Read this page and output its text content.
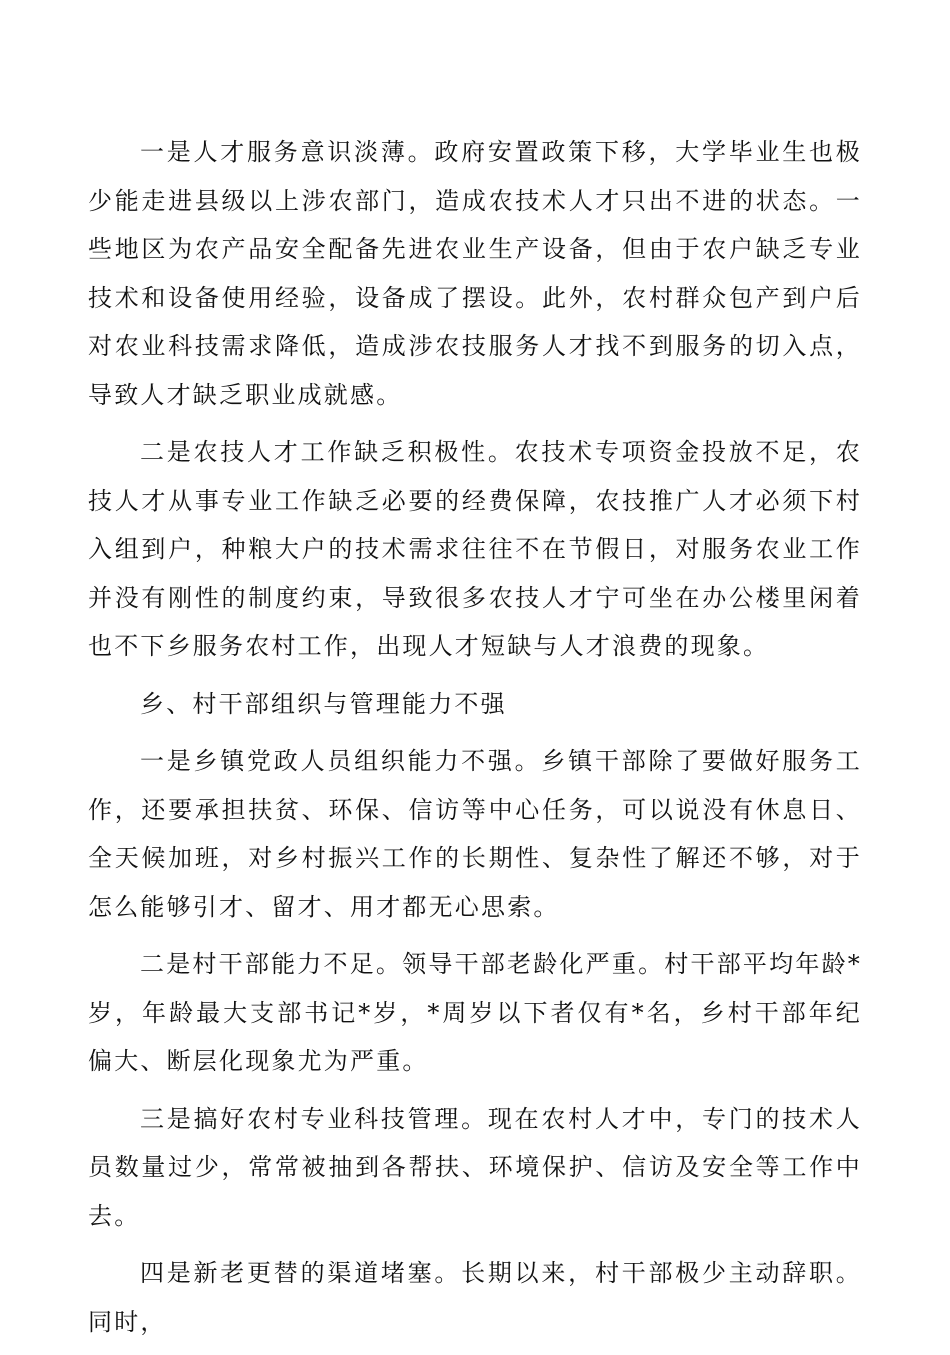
一是人才服务意识淡薄。政府安置政策下移，大学毕业生也极少能走进县级以上涉农部门，造成农技术人才只出不进的状态。一些地区为农产品安全配备先进农业生产设备，但由于农户缺乏专业技术和设备使用经验，设备成了摆设。此外，农村群众包产到户后对农业科技需求降低，造成涉农技服务人才找不到服务的切入点，导致人才缺乏职业成就感。

二是农技人才工作缺乏积极性。农技术专项资金投放不足，农技人才从事专业工作缺乏必要的经费保障，农技推广人才必须下村入组到户，种粮大户的技术需求往往不在节假日，对服务农业工作并没有刚性的制度约束，导致很多农技人才宁可坐在办公楼里闲着也不下乡服务农村工作，出现人才短缺与人才浪费的现象。

乡、村干部组织与管理能力不强

一是乡镇党政人员组织能力不强。乡镇干部除了要做好服务工作，还要承担扶贫、环保、信访等中心任务，可以说没有休息日、全天候加班，对乡村振兴工作的长期性、复杂性了解还不够，对于怎么能够引才、留才、用才都无心思索。

二是村干部能力不足。领导干部老龄化严重。村干部平均年龄*岁，年龄最大支部书记*岁，*周岁以下者仅有*名，乡村干部年纪偏大、断层化现象尤为严重。

三是搞好农村专业科技管理。现在农村人才中，专门的技术人员数量过少，常常被抽到各帮扶、环境保护、信访及安全等工作中去。

四是新老更替的渠道堵塞。长期以来，村干部极少主动辞职。同时，
